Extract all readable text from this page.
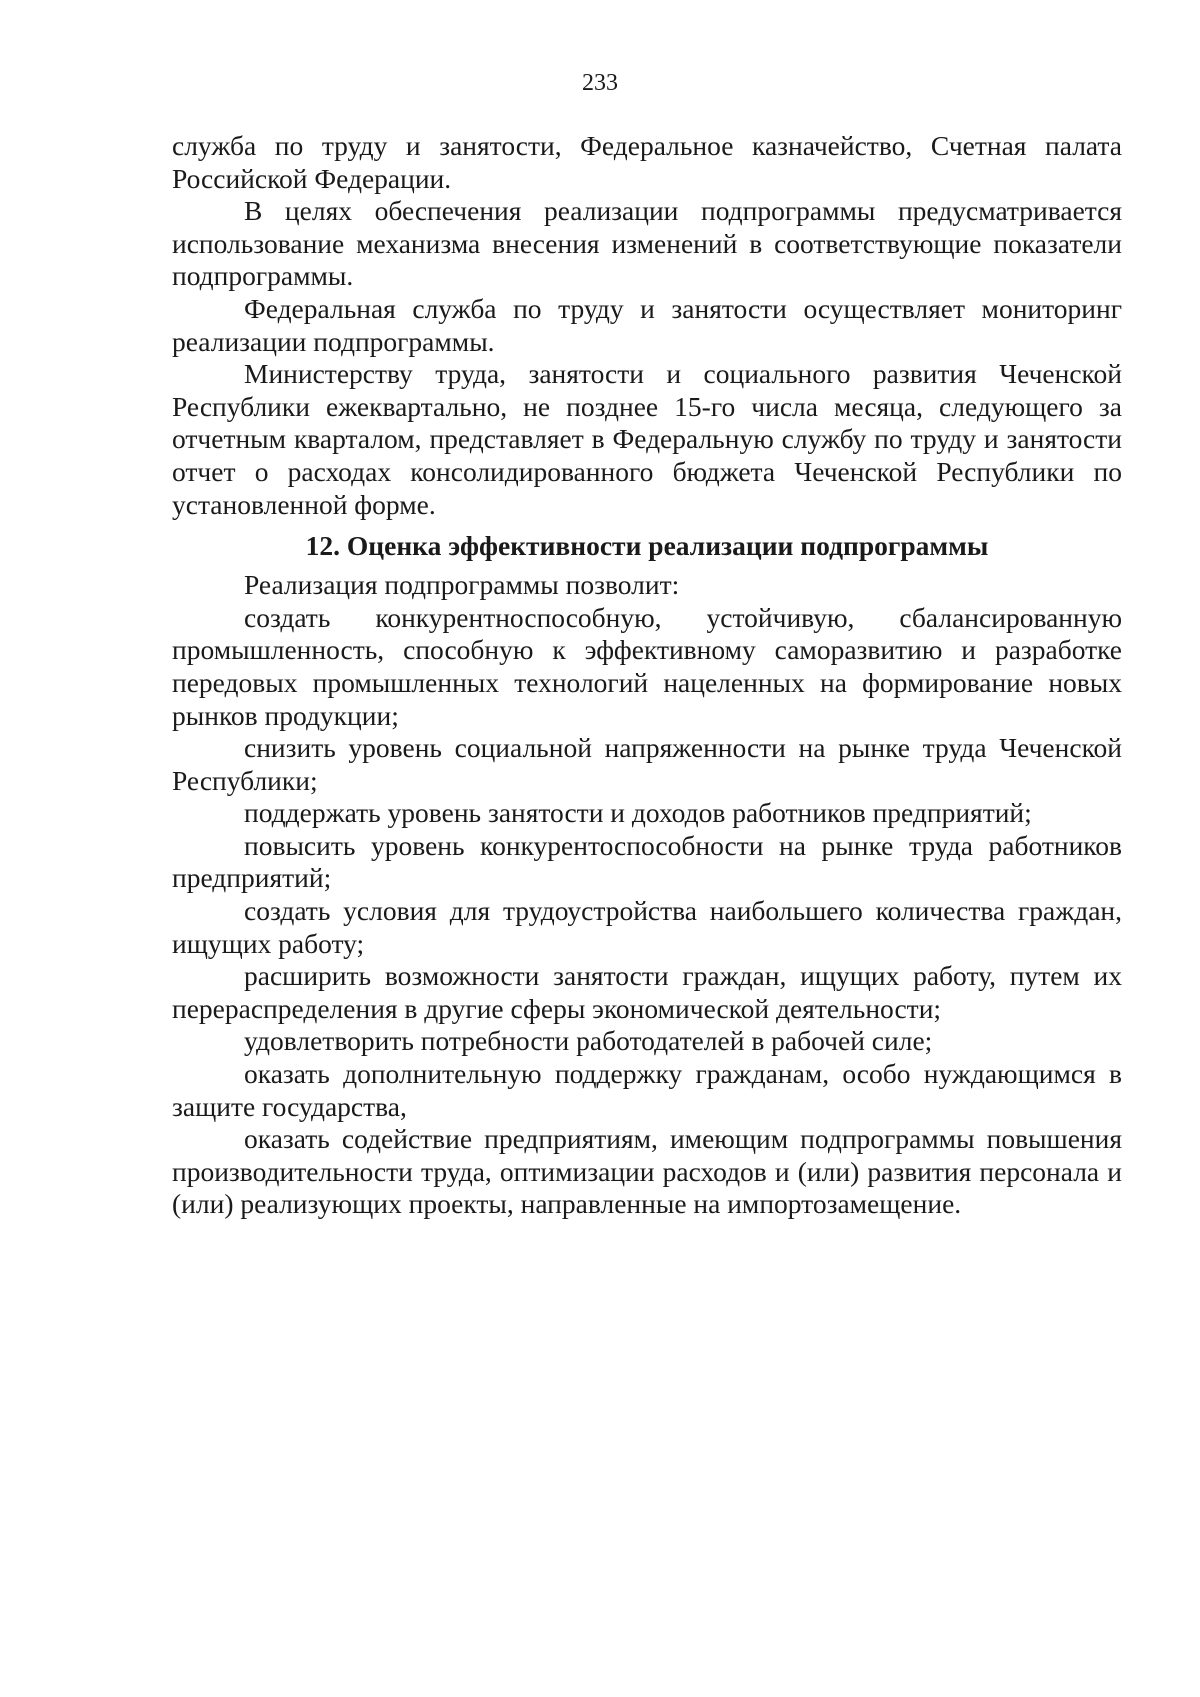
233

служба по труду и занятости, Федеральное казначейство, Счетная палата Российской Федерации.

В целях обеспечения реализации подпрограммы предусматривается использование механизма внесения изменений в соответствующие показатели подпрограммы.

Федеральная служба по труду и занятости осуществляет мониторинг реализации подпрограммы.

Министерству труда, занятости и социального развития Чеченской Республики ежеквартально, не позднее 15-го числа месяца, следующего за отчетным кварталом, представляет в Федеральную службу по труду и занятости отчет о расходах консолидированного бюджета Чеченской Республики по установленной форме.

12. Оценка эффективности реализации подпрограммы

Реализация подпрограммы позволит:

создать конкурентноспособную, устойчивую, сбалансированную промышленность, способную к эффективному саморазвитию и разработке передовых промышленных технологий нацеленных на формирование новых рынков продукции;

снизить уровень социальной напряженности на рынке труда Чеченской Республики;

поддержать уровень занятости и доходов работников предприятий;

повысить уровень конкурентоспособности на рынке труда работников предприятий;

создать условия для трудоустройства наибольшего количества граждан, ищущих работу;

расширить возможности занятости граждан, ищущих работу, путем их перераспределения в другие сферы экономической деятельности;

удовлетворить потребности работодателей в рабочей силе;

оказать дополнительную поддержку гражданам, особо нуждающимся в защите государства,

оказать содействие предприятиям, имеющим подпрограммы повышения производительности труда, оптимизации расходов и (или) развития персонала и (или) реализующих проекты, направленные на импортозамещение.
